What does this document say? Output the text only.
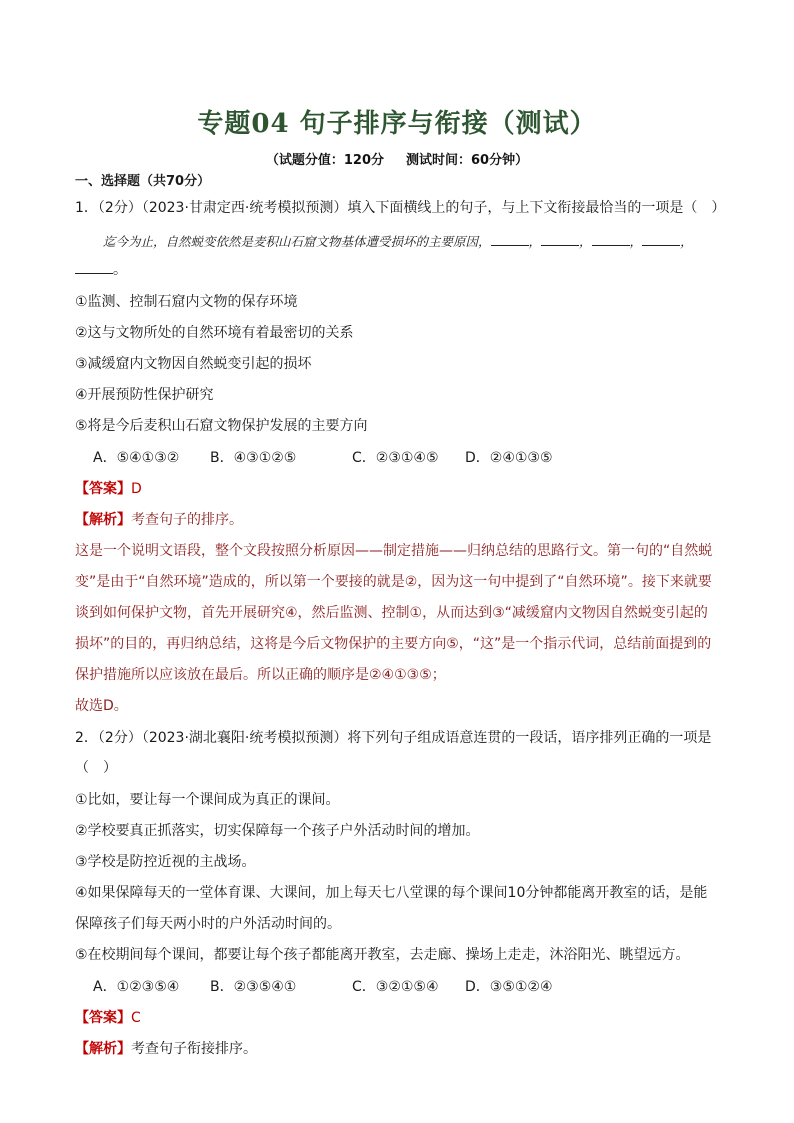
专题04 句子排序与衔接（测试）
（试题分值：120分 测试时间：60分钟）
一、选择题（共70分）
1．（2分）（2023·甘肃定西·统考模拟预测）填入下面横线上的句子，与上下文衔接最恰当的一项是（　）
迄今为止，自然蜕变依然是麦积山石窟文物基体遭受损坏的主要原因，	，	，	，	，
。
①监测、控制石窟内文物的保存环境
②这与文物所处的自然环境有着最密切的关系
③减缓窟内文物因自然蜕变引起的损坏
④开展预防性保护研究
⑤将是今后麦积山石窟文物保护发展的主要方向
A．⑤④①③② B．④③①②⑤	C．②③①④⑤ D．②④①③⑤
【答案】D
【解析】考查句子的排序。
这是一个说明文语段，整个文段按照分析原因——制定措施——归纳总结的思路行文。第一句的“自然蜕
变”是由于“自然环境”造成的，所以第一个要接的就是②，因为这一句中提到了“自然环境”。接下来就要
谈到如何保护文物，首先开展研究④，然后监测、控制①，从而达到③“减缓窟内文物因自然蜕变引起的
损坏”的目的，再归纳总结，这将是今后文物保护的主要方向⑤，“这”是一个指示代词，总结前面提到的
保护措施所以应该放在最后。所以正确的顺序是②④①③⑤；
故选D。
2．（2分）（2023·湖北襄阳·统考模拟预测）将下列句子组成语意连贯的一段话，语序排列正确的一项是
（　）
①比如，要让每一个课间成为真正的课间。
②学校要真正抓落实，切实保障每一个孩子户外活动时间的增加。
③学校是防控近视的主战场。
④如果保障每天的一堂体育课、大课间，加上每天七八堂课的每个课间10分钟都能离开教室的话，是能
保障孩子们每天两小时的户外活动时间的。
⑤在校期间每个课间，都要让每个孩子都能离开教室，去走廊、操场上走走，沐浴阳光、眺望远方。
A．①②③⑤④ B．②③⑤④①	C．③②①⑤④ D．③⑤①②④
【答案】C
【解析】考查句子衔接排序。
